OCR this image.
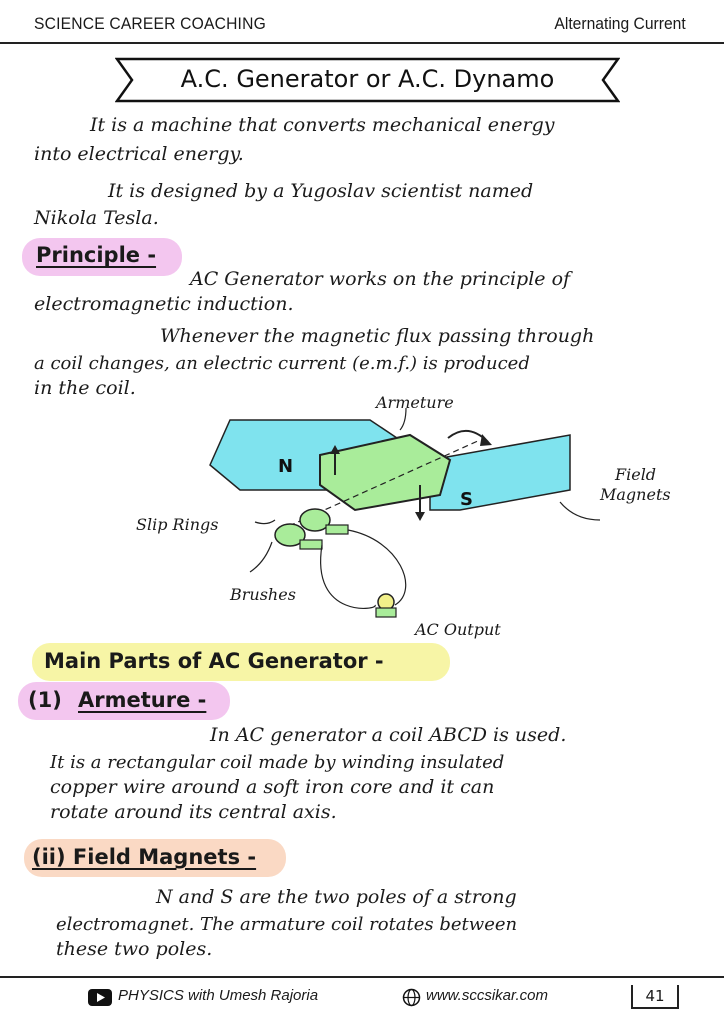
SCIENCE CAREER COACHING	Alternating Current
A.C. Generator or A.C. Dynamo
It is a machine that converts mechanical energy
into electrical energy.
It is designed by a Yugoslav scientist named
Nikola Tesla.
Principle -
AC Generator works on the principle of
electromagnetic induction.
Whenever the magnetic flux passing through
a coil changes, an electric current (e.m.f.) is produced
in the coil.
Armeture
N
S
Field
Magnets
Slip Rings
Brushes
AC Output
Main Parts of AC Generator -
(1) Armeture -
In AC generator a coil ABCD is used.
It is a rectangular coil made by winding insulated
copper wire around a soft iron core and it can
rotate around its central axis.
(ii) Field Magnets -
N and S are the two poles of a strong
electromagnet. The armature coil rotates between
these two poles.
PHYSICS with Umesh Rajoria	www.sccsikar.com	41
